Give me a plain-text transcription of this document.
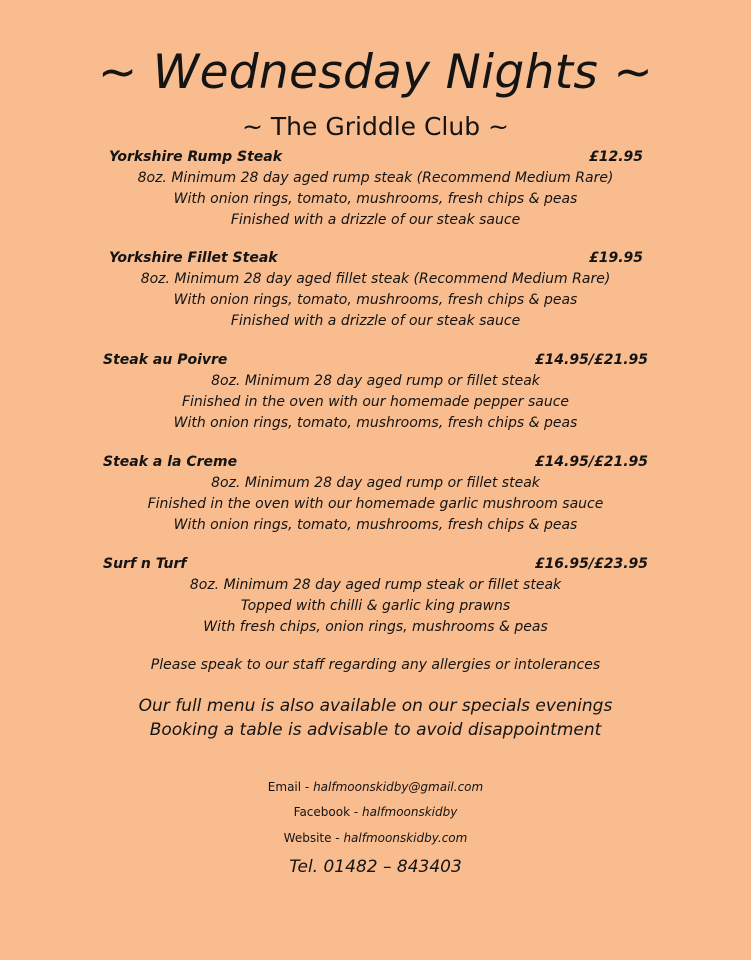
~ Wednesday Nights ~
~ The Griddle Club ~
Yorkshire Rump Steak	£12.95
8oz. Minimum 28 day aged rump steak (Recommend Medium Rare)
With onion rings, tomato, mushrooms, fresh chips & peas
Finished with a drizzle of our steak sauce
Yorkshire Fillet Steak	£19.95
8oz. Minimum 28 day aged fillet steak (Recommend Medium Rare)
With onion rings, tomato, mushrooms, fresh chips & peas
Finished with a drizzle of our steak sauce
Steak au Poivre	£14.95/£21.95
8oz. Minimum 28 day aged rump or fillet steak
Finished in the oven with our homemade pepper sauce
With onion rings, tomato, mushrooms, fresh chips & peas
Steak a la Creme	£14.95/£21.95
8oz. Minimum 28 day aged rump or fillet steak
Finished in the oven with our homemade garlic mushroom sauce
With onion rings, tomato, mushrooms, fresh chips & peas
Surf n Turf	£16.95/£23.95
8oz. Minimum 28 day aged rump steak or fillet steak
Topped with chilli & garlic king prawns
With fresh chips, onion rings, mushrooms & peas
Please speak to our staff regarding any allergies or intolerances
Our full menu is also available on our specials evenings
Booking a table is advisable to avoid disappointment
Email - halfmoonskidby@gmail.com
Facebook - halfmoonskidby
Website - halfmoonskidby.com
Tel. 01482 – 843403
